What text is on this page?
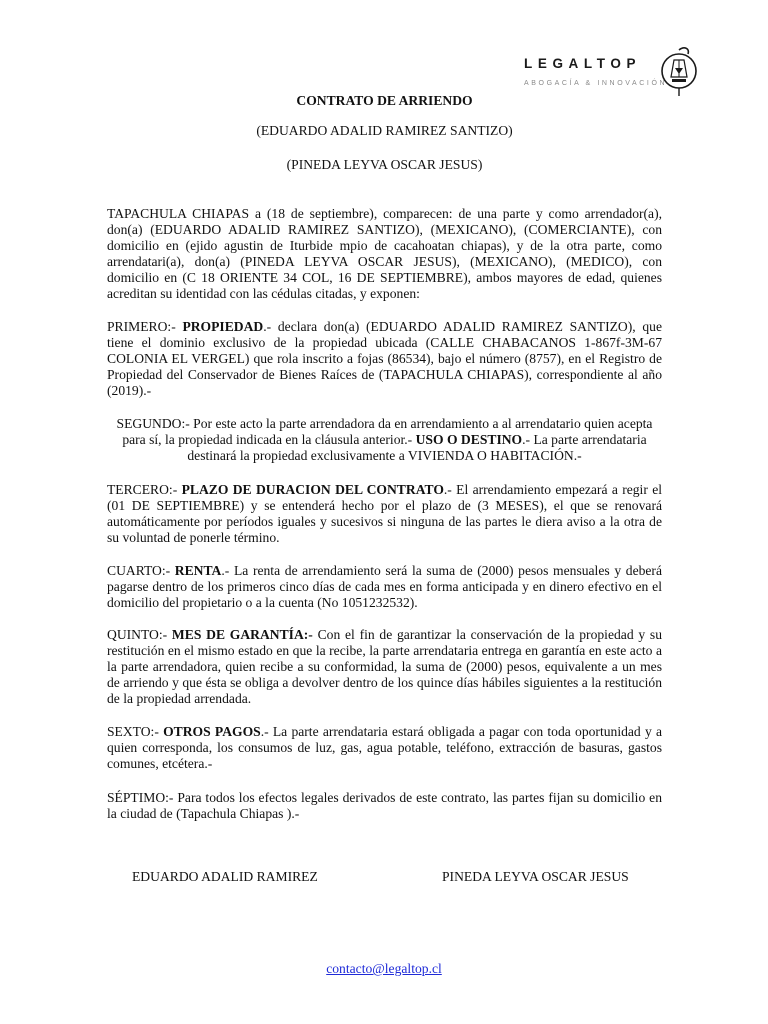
LEGALTOP
ABOGACÍA & INNOVACIÓN
CONTRATO DE ARRIENDO
(EDUARDO ADALID RAMIREZ SANTIZO)
(PINEDA LEYVA OSCAR JESUS)

TAPACHULA CHIAPAS a (18 de septiembre), comparecen: de una parte y como arrendador(a), don(a) (EDUARDO ADALID RAMIREZ SANTIZO), (MEXICANO), (COMERCIANTE), con domicilio en (ejido agustin de Iturbide mpio de cacahoatan chiapas), y de la otra parte, como arrendatari(a), don(a) (PINEDA LEYVA OSCAR JESUS), (MEXICANO), (MEDICO), con domicilio en (C 18 ORIENTE 34 COL, 16 DE SEPTIEMBRE), ambos mayores de edad, quienes acreditan su identidad con las cédulas citadas, y exponen:

PRIMERO:- PROPIEDAD.- declara don(a) (EDUARDO ADALID RAMIREZ SANTIZO), que tiene el dominio exclusivo de la propiedad ubicada (CALLE CHABACANOS 1-867f-3M-67 COLONIA EL VERGEL) que rola inscrito a fojas (86534), bajo el número (8757), en el Registro de Propiedad del Conservador de Bienes Raíces de (TAPACHULA CHIAPAS), correspondiente al año (2019).-

SEGUNDO:- Por este acto la parte arrendadora da en arrendamiento a al arrendatario quien acepta para sí, la propiedad indicada en la cláusula anterior.- USO O DESTINO.- La parte arrendataria destinará la propiedad exclusivamente a VIVIENDA O HABITACIÓN.-

TERCERO:- PLAZO DE DURACION DEL CONTRATO.- El arrendamiento empezará a regir el (01 DE SEPTIEMBRE) y se entenderá hecho por el plazo de (3 MESES), el que se renovará automáticamente por períodos iguales y sucesivos si ninguna de las partes le diera aviso a la otra de su voluntad de ponerle término.

CUARTO:- RENTA.- La renta de arrendamiento será la suma de (2000) pesos mensuales y deberá pagarse dentro de los primeros cinco días de cada mes en forma anticipada y en dinero efectivo en el domicilio del propietario o a la cuenta (No 1051232532).

QUINTO:- MES DE GARANTÍA:- Con el fin de garantizar la conservación de la propiedad y su restitución en el mismo estado en que la recibe, la parte arrendataria entrega en garantía en este acto a la parte arrendadora, quien recibe a su conformidad, la suma de (2000) pesos, equivalente a un mes de arriendo y que ésta se obliga a devolver dentro de los quince días hábiles siguientes a la restitución de la propiedad arrendada.

SEXTO:- OTROS PAGOS.- La parte arrendataria estará obligada a pagar con toda oportunidad y a quien corresponda, los consumos de luz, gas, agua potable, teléfono, extracción de basuras, gastos comunes, etcétera.-

SÉPTIMO:- Para todos los efectos legales derivados de este contrato, las partes fijan su domicilio en la ciudad de (Tapachula Chiapas ).-

EDUARDO ADALID RAMIREZ	PINEDA LEYVA OSCAR JESUS
contacto@legaltop.cl
